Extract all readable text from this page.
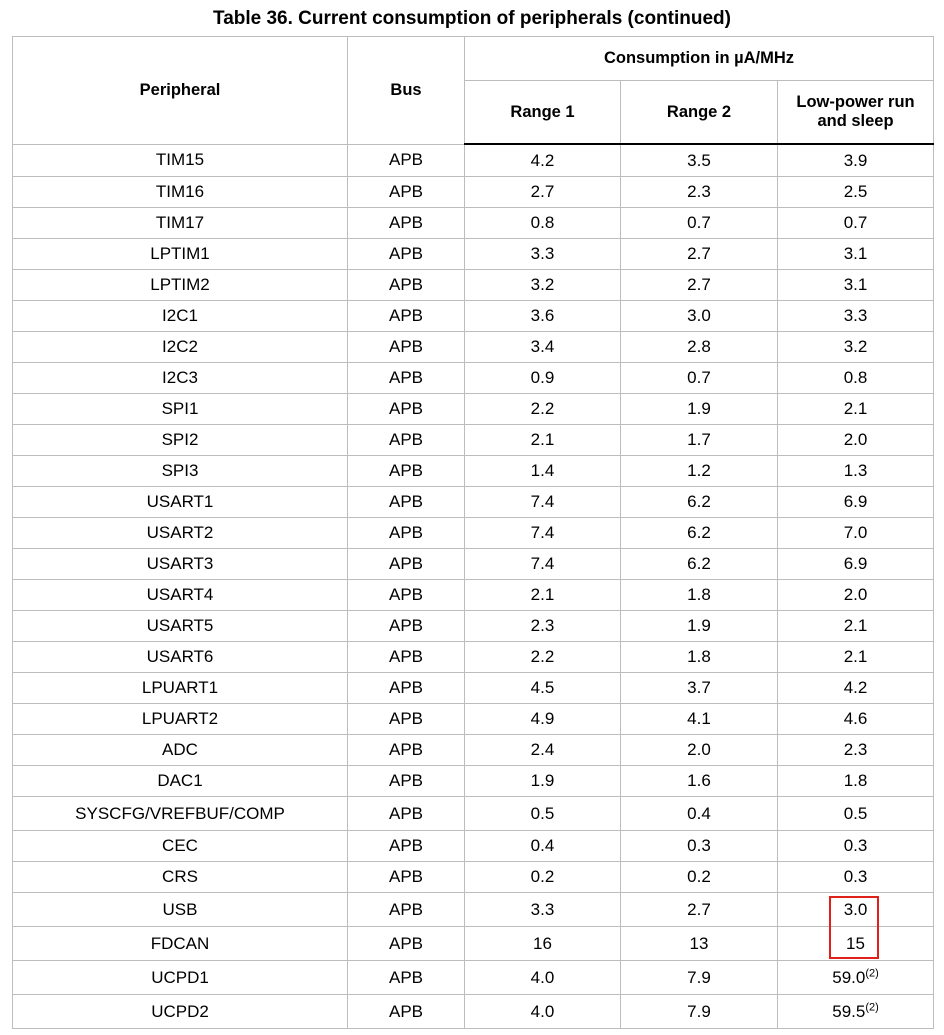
Table 36. Current consumption of peripherals (continued)
Peripheral	Bus	Consumption in µA/MHz		
		Range 1	Range 2	Low-power run and sleep
TIM15	APB	4.2	3.5	3.9
TIM16	APB	2.7	2.3	2.5
TIM17	APB	0.8	0.7	0.7
LPTIM1	APB	3.3	2.7	3.1
LPTIM2	APB	3.2	2.7	3.1
I2C1	APB	3.6	3.0	3.3
I2C2	APB	3.4	2.8	3.2
I2C3	APB	0.9	0.7	0.8
SPI1	APB	2.2	1.9	2.1
SPI2	APB	2.1	1.7	2.0
SPI3	APB	1.4	1.2	1.3
USART1	APB	7.4	6.2	6.9
USART2	APB	7.4	6.2	7.0
USART3	APB	7.4	6.2	6.9
USART4	APB	2.1	1.8	2.0
USART5	APB	2.3	1.9	2.1
USART6	APB	2.2	1.8	2.1
LPUART1	APB	4.5	3.7	4.2
LPUART2	APB	4.9	4.1	4.6
ADC	APB	2.4	2.0	2.3
DAC1	APB	1.9	1.6	1.8
SYSCFG/VREFBUF/COMP	APB	0.5	0.4	0.5
CEC	APB	0.4	0.3	0.3
CRS	APB	0.2	0.2	0.3
USB	APB	3.3	2.7	3.0
FDCAN	APB	16	13	15
UCPD1	APB	4.0	7.9	59.0$^{(2)}$
UCPD2	APB	4.0	7.9	59.5$^{(2)}$
